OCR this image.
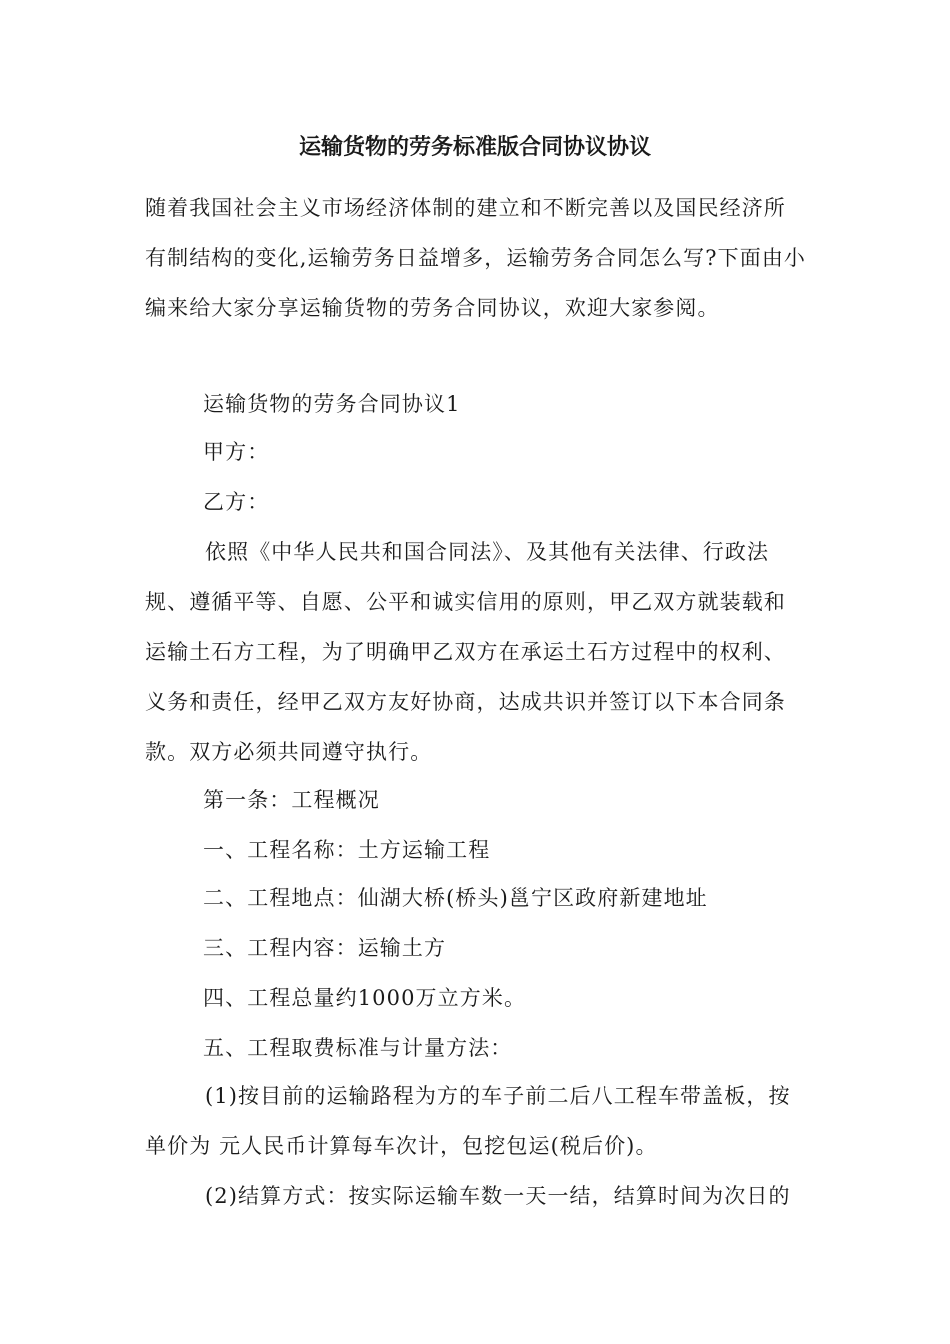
运输货物的劳务标准版合同协议协议
随着我国社会主义市场经济体制的建立和不断完善以及国民经济所有制结构的变化,运输劳务日益增多，运输劳务合同怎么写?下面由小编来给大家分享运输货物的劳务合同协议，欢迎大家参阅。
运输货物的劳务合同协议1
甲方：
乙方：
依照《中华人民共和国合同法》、及其他有关法律、行政法规、遵循平等、自愿、公平和诚实信用的原则，甲乙双方就装载和运输土石方工程，为了明确甲乙双方在承运土石方过程中的权利、义务和责任，经甲乙双方友好协商，达成共识并签订以下本合同条款。双方必须共同遵守执行。
第一条：工程概况
一、工程名称：土方运输工程
二、工程地点：仙湖大桥(桥头)邕宁区政府新建地址
三、工程内容：运输土方
四、工程总量约1000万立方米。
五、工程取费标准与计量方法：
(1)按目前的运输路程为方的车子前二后八工程车带盖板，按单价为 元人民币计算每车次计，包挖包运(税后价)。
(2)结算方式：按实际运输车数一天一结，结算时间为次日的
